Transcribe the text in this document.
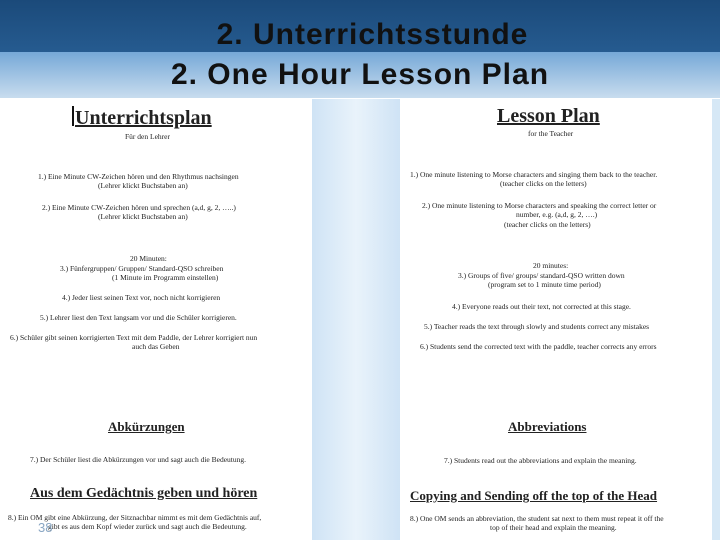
2. Unterrichtsstunde
2. One Hour Lesson Plan
Unterrichtsplan
Für den Lehrer
1.) Eine Minute CW-Zeichen hören und den Rhythmus nachsingen
(Lehrer klickt Buchstaben an)
2.) Eine Minute CW-Zeichen hören und sprechen (a,d, g, 2, …..)
(Lehrer klickt Buchstaben an)
20 Minuten:
3.) Fünfergruppen/ Gruppen/ Standard-QSO schreiben
(1 Minute im Programm einstellen)
4.) Jeder liest seinen Text vor, noch nicht korrigieren
5.) Lehrer liest den Text langsam vor und die Schüler korrigieren.
6.) Schüler gibt seinen korrigierten Text mit dem Paddle, der Lehrer korrigiert nun
auch das Geben
Abkürzungen
7.) Der Schüler liest die Abkürzungen vor und sagt auch die Bedeutung.
Aus dem Gedächtnis geben und hören
8.) Ein OM gibt eine Abkürzung, der Sitznachbar nimmt es mit dem Gedächtnis auf,
gibt es aus dem Kopf wieder zurück und sagt auch die Bedeutung.
Lesson Plan
for the Teacher
1.) One minute listening to Morse characters and singing them back to the teacher.
(teacher clicks on the letters)
2.) One minute listening to Morse characters and speaking the correct letter or
number, e.g. (a,d, g, 2, ….)
(teacher clicks on the letters)
20 minutes:
3.) Groups of five/ groups/ standard-QSO written down
(program set to 1 minute time period)
4.) Everyone reads out their text, not corrected at this stage.
5.) Teacher reads the text through slowly and students correct any mistakes
6.) Students send the corrected text with the paddle, teacher corrects any errors
Abbreviations
7.) Students read out the abbreviations and explain the meaning.
Copying and Sending off the top of the Head
8.) One OM sends an abbreviation, the student sat next to them must repeat it off the
top of their head and explain the meaning.
38
